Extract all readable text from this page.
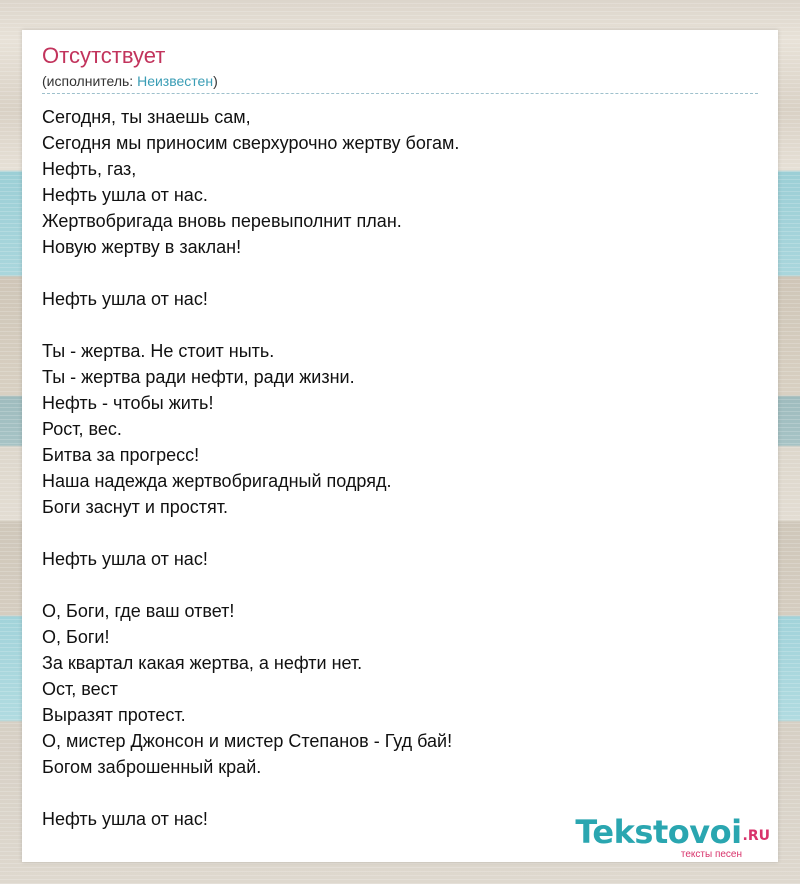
Отсутствует
(исполнитель: Неизвестен)
Сегодня, ты знаешь сам,
Сегодня мы приносим сверхурочно жертву богам.
Нефть, газ,
Нефть ушла от нас.
Жертвобригада вновь перевыполнит план.
Новую жертву в заклан!
Нефть ушла от нас!
Ты - жертва. Не стоит ныть.
Ты - жертва ради нефти, ради жизни.
Нефть - чтобы жить!
Рост, вес.
Битва за прогресс!
Наша надежда жертвобригадный подряд.
Боги заснут и простят.
Нефть ушла от нас!
О, Боги, где ваш ответ!
О, Боги!
За квартал какая жертва, а нефти нет.
Ост, вест
Выразят протест.
О, мистер Джонсон и мистер Степанов - Гуд бай!
Богом заброшенный край.
Нефть ушла от нас!	Tekstovoi.RU
тексты песен
